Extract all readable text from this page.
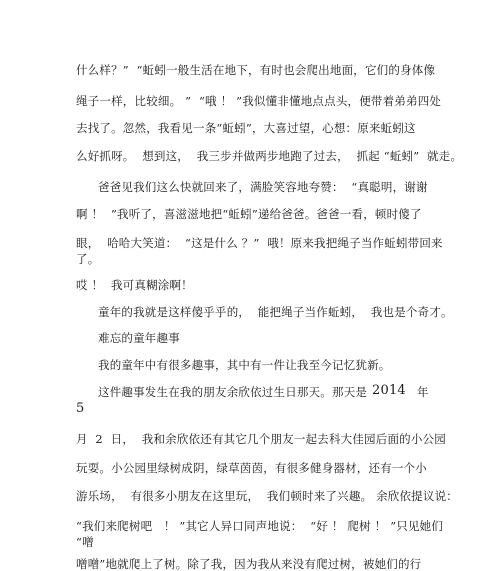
什么样？”  “蚯蚓一般生活在地下，有时也会爬出地面，它们的身体像
绳子一样，比较细。 ”  “哦 ！ ”我似懂非懂地点点头，便带着弟弟四处
去找了。忽然，我看见一条“蚯蚓”，大喜过望，心想：原来蚯蚓这
么好抓呀。  想到这，  我三步并做两步地跑了过去，  抓起 “蚯蚓”  就走。
爸爸见我们这么快就回来了，满脸笑容地夸赞：  “真聪明，谢谢
啊 ！  ”我听了，喜滋滋地把“蚯蚓”递给爸爸。爸爸一看，顿时傻了
眼，  哈哈大笑道：  “这是什么 ？”  哦！原来我把绳子当作蚯蚓带回来
了。
哎 ！  我可真糊涂啊！
童年的我就是这样傻乎乎的，  能把绳子当作蚯蚓，  我也是个奇才。
难忘的童年趣事
我的童年中有很多趣事，其中有一件让我至今记忆犹新。
这件趣事发生在我的朋友余欣依过生日那天。那天是 2014 年
5
月  2  日，  我和余欣依还有其它几个朋友一起去科大佳园后面的小公园
玩耍。小公园里绿树成阴，绿草茵茵，有很多健身器材，还有一个小
游乐场，  有很多小朋友在这里玩，  我们顿时来了兴趣。 余欣依提议说：
“我们来爬树吧   ！ ”其它人异口同声地说：  “好 ！ 爬树 ！ ”只见她们
“噌
噌噌”地就爬上了树。除了我，因为我从来没有爬过树，被她们的行
